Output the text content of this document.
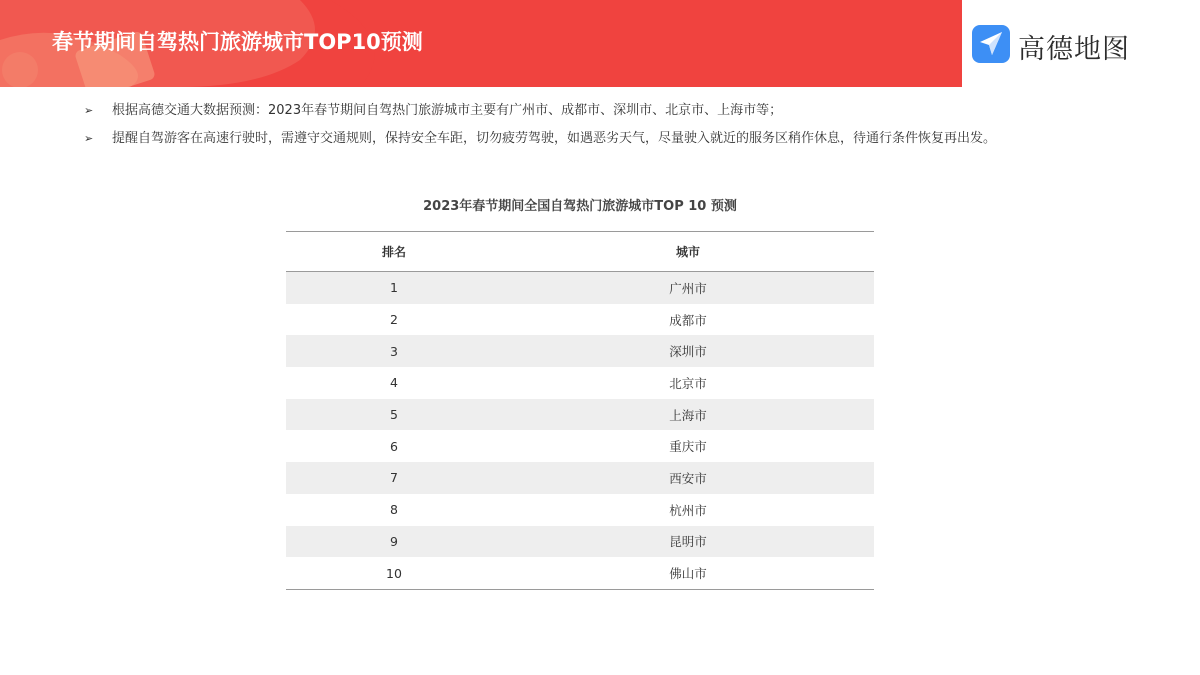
春节期间自驾热门旅游城市TOP10预测	高德地图
➢	根据高德交通大数据预测：2023年春节期间自驾热门旅游城市主要有广州市、成都市、深圳市、北京市、上海市等；
➢	提醒自驾游客在高速行驶时，需遵守交通规则，保持安全车距，切勿疲劳驾驶，如遇恶劣天气，尽量驶入就近的服务区稍作休息，待通行条件恢复再出发。
2023年春节期间全国自驾热门旅游城市TOP 10 预测
排名	城市
1	广州市
2	成都市
3	深圳市
4	北京市
5	上海市
6	重庆市
7	西安市
8	杭州市
9	昆明市
10	佛山市
